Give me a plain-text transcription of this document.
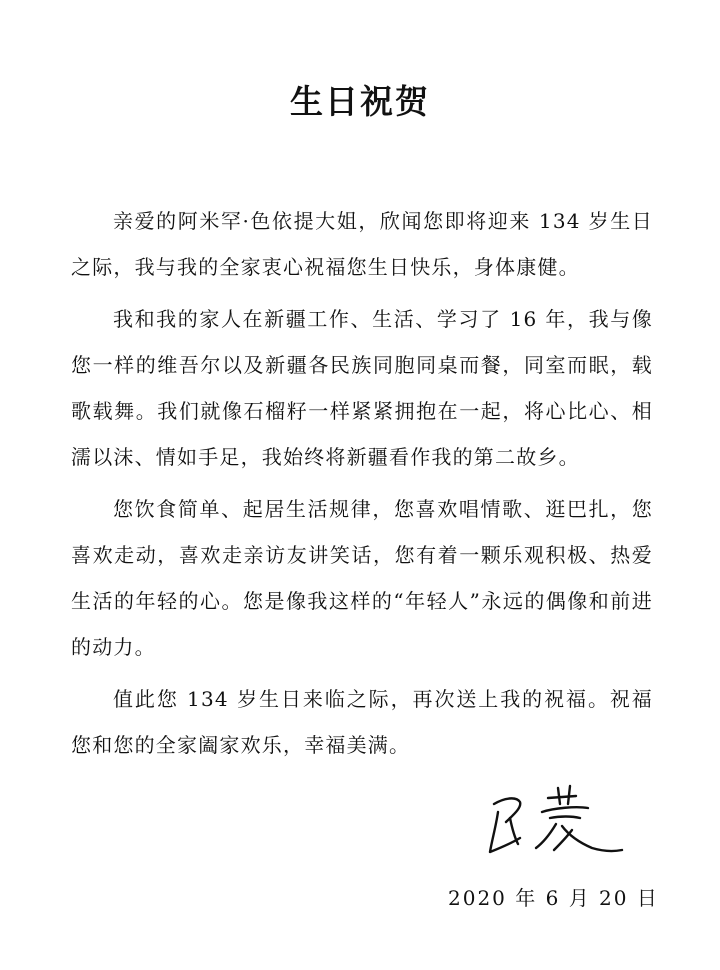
生日祝贺

亲爱的阿米罕·色依提大姐，欣闻您即将迎来 134 岁生日之际，我与我的全家衷心祝福您生日快乐，身体康健。

我和我的家人在新疆工作、生活、学习了 16 年，我与像您一样的维吾尔以及新疆各民族同胞同桌而餐，同室而眠，载歌载舞。我们就像石榴籽一样紧紧拥抱在一起，将心比心、相濡以沫、情如手足，我始终将新疆看作我的第二故乡。

您饮食简单、起居生活规律，您喜欢唱情歌、逛巴扎，您喜欢走动，喜欢走亲访友讲笑话，您有着一颗乐观积极、热爱生活的年轻的心。您是像我这样的“年轻人”永远的偶像和前进的动力。

值此您 134 岁生日来临之际，再次送上我的祝福。祝福您和您的全家阖家欢乐，幸福美满。

2020 年 6 月 20 日
